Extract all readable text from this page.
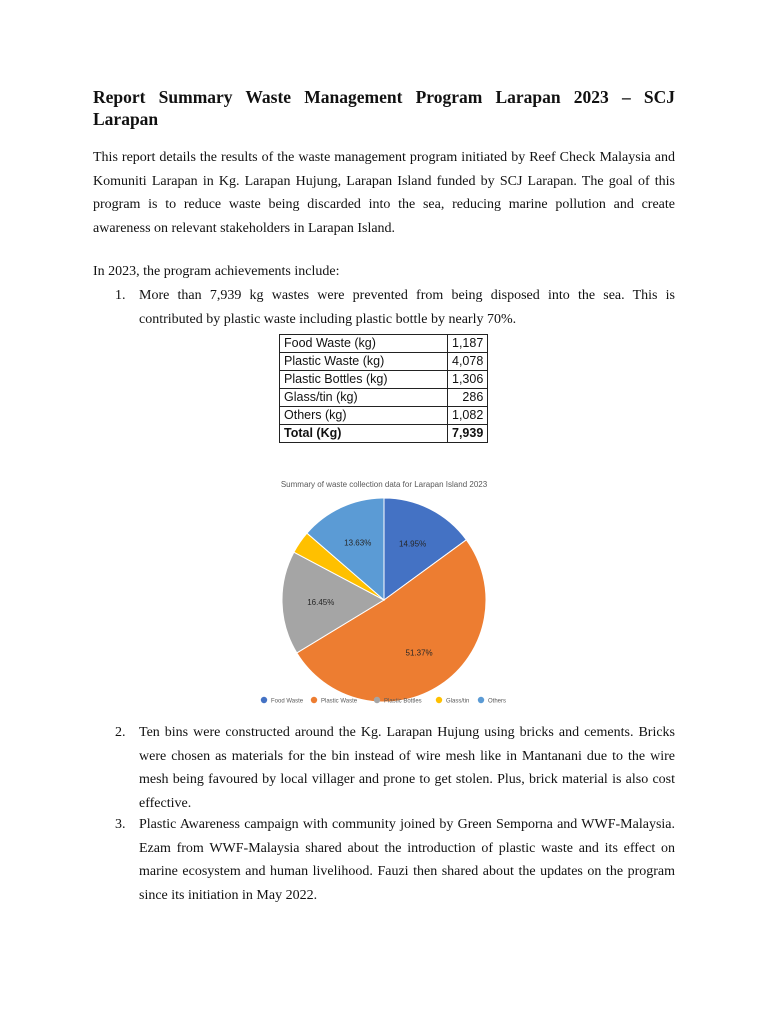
Report Summary Waste Management Program Larapan 2023 – SCJ
Larapan
This report details the results of the waste management program initiated by Reef Check Malaysia and
Komuniti Larapan in Kg. Larapan Hujung, Larapan Island funded by SCJ Larapan. The goal of this
program is to reduce waste being discarded into the sea, reducing marine pollution and create
awareness on relevant stakeholders in Larapan Island.
In 2023, the program achievements include:
1. More than 7,939 kg wastes were prevented from being disposed into the sea. This is
contributed by plastic waste including plastic bottle by nearly 70%.
Food Waste (kg)	1,187
Plastic Waste (kg)	4,078
Plastic Bottles (kg)	1,306
Glass/tin (kg)	286
Others (kg)	1,082
Total (Kg)	7,939
Summary of waste collection data for Larapan Island 2023
14.95%
51.37%
16.45%
13.63%
Food Waste	Plastic Waste	Plastic Bottles	Glass/tin	Others
2. Ten bins were constructed around the Kg. Larapan Hujung using bricks and cements. Bricks
were chosen as materials for the bin instead of wire mesh like in Mantanani due to the wire
mesh being favoured by local villager and prone to get stolen. Plus, brick material is also cost
effective.
3. Plastic Awareness campaign with community joined by Green Semporna and WWF-Malaysia.
Ezam from WWF-Malaysia shared about the introduction of plastic waste and its effect on
marine ecosystem and human livelihood. Fauzi then shared about the updates on the program
since its initiation in May 2022.
